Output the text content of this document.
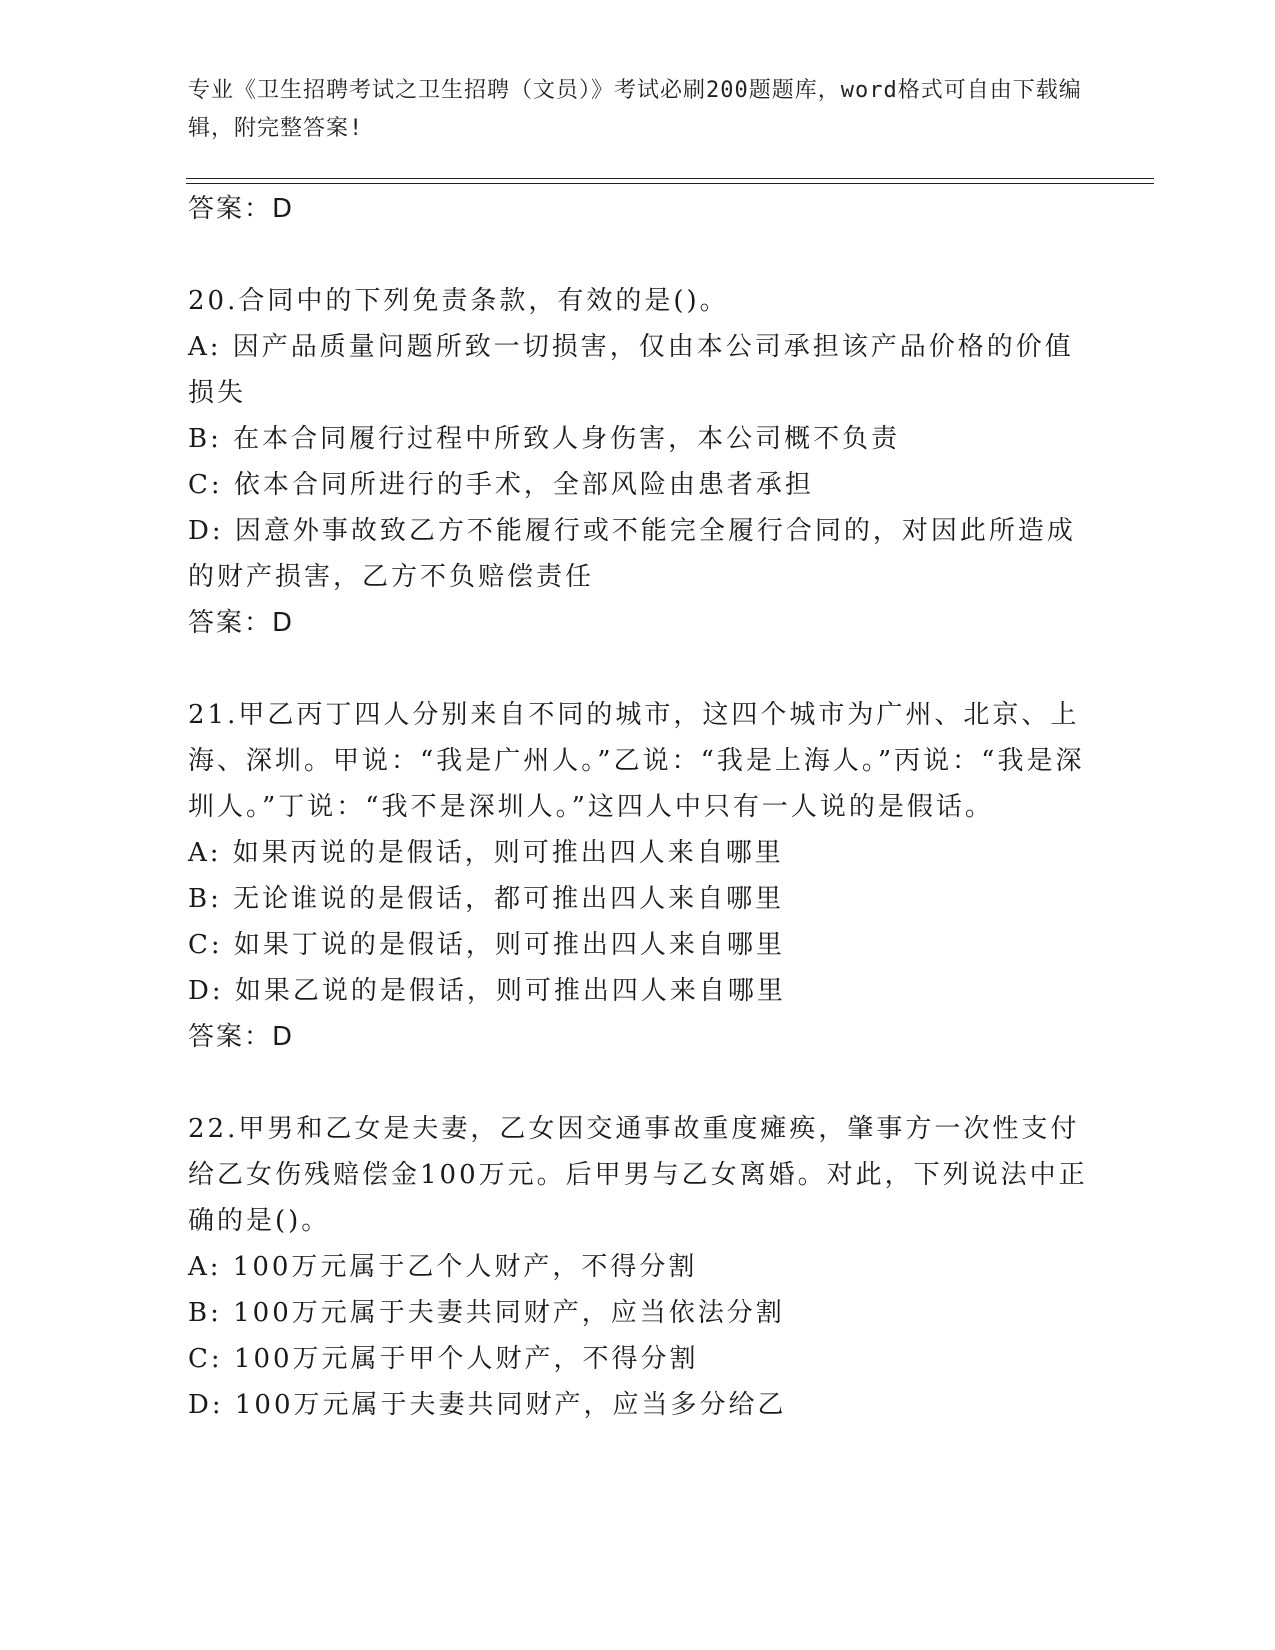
专业《卫生招聘考试之卫生招聘（文员）》考试必刷200题题库，word格式可自由下载编辑，附完整答案!

答案：D

20.合同中的下列免责条款，有效的是()。

A: 因产品质量问题所致一切损害，仅由本公司承担该产品价格的价值损失

B: 在本合同履行过程中所致人身伤害，本公司概不负责

C: 依本合同所进行的手术，全部风险由患者承担

D: 因意外事故致乙方不能履行或不能完全履行合同的，对因此所造成的财产损害，乙方不负赔偿责任

答案：D

21.甲乙丙丁四人分别来自不同的城市，这四个城市为广州、北京、上海、深圳。甲说：“我是广州人。”乙说：“我是上海人。”丙说：“我是深圳人。”丁说：“我不是深圳人。”这四人中只有一人说的是假话。

A: 如果丙说的是假话，则可推出四人来自哪里

B: 无论谁说的是假话，都可推出四人来自哪里

C: 如果丁说的是假话，则可推出四人来自哪里

D: 如果乙说的是假话，则可推出四人来自哪里

答案：D

22.甲男和乙女是夫妻，乙女因交通事故重度瘫痪，肇事方一次性支付给乙女伤残赔偿金100万元。后甲男与乙女离婚。对此，下列说法中正确的是()。

A: 100万元属于乙个人财产，不得分割

B: 100万元属于夫妻共同财产，应当依法分割

C: 100万元属于甲个人财产，不得分割

D: 100万元属于夫妻共同财产，应当多分给乙
